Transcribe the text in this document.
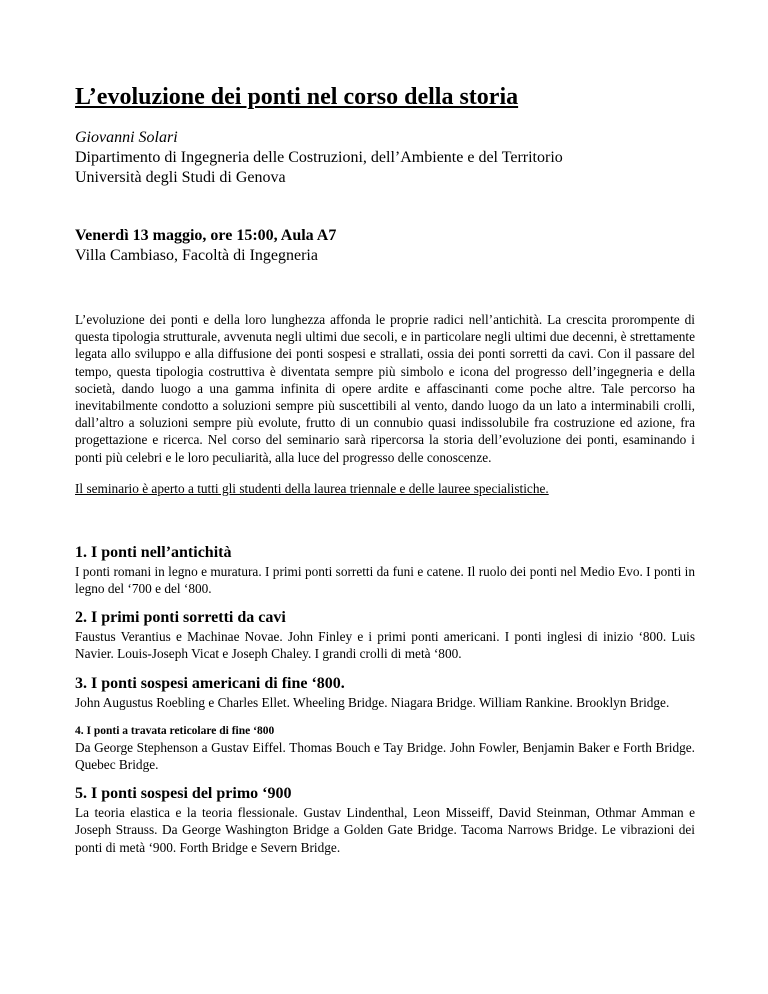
L’evoluzione dei ponti nel corso della storia
Giovanni Solari
Dipartimento di Ingegneria delle Costruzioni, dell’Ambiente e del Territorio
Università degli Studi di Genova
Venerdì 13 maggio, ore 15:00, Aula A7
Villa Cambiaso, Facoltà di Ingegneria

L’evoluzione dei ponti e della loro lunghezza affonda le proprie radici nell’antichità. La crescita prorompente di questa tipologia strutturale, avvenuta negli ultimi due secoli, e in particolare negli ultimi due decenni, è strettamente legata allo sviluppo e alla diffusione dei ponti sospesi e strallati, ossia dei ponti sorretti da cavi. Con il passare del tempo, questa tipologia costruttiva è diventata sempre più simbolo e icona del progresso dell’ingegneria e della società, dando luogo a una gamma infinita di opere ardite e affascinanti come poche altre. Tale percorso ha inevitabilmente condotto a soluzioni sempre più suscettibili al vento, dando luogo da un lato a interminabili crolli, dall’altro a soluzioni sempre più evolute, frutto di un connubio quasi indissolubile fra costruzione ed azione, fra progettazione e ricerca. Nel corso del seminario sarà ripercorsa la storia dell’evoluzione dei ponti, esaminando i ponti più celebri e le loro peculiarità, alla luce del progresso delle conoscenze.

Il seminario è aperto a tutti gli studenti della laurea triennale e delle lauree specialistiche.
1. I ponti nell’antichità

I ponti romani in legno e muratura. I primi ponti sorretti da funi e catene. Il ruolo dei ponti nel Medio Evo. I ponti in legno del ‘700 e del ‘800.

2. I primi ponti sorretti da cavi

Faustus Verantius e Machinae Novae. John Finley e i primi ponti americani. I ponti inglesi di inizio ‘800. Luis Navier. Louis-Joseph Vicat e Joseph Chaley. I grandi crolli di metà ‘800.

3. I ponti sospesi americani di fine ‘800.

John Augustus Roebling e Charles Ellet. Wheeling Bridge. Niagara Bridge. William Rankine. Brooklyn Bridge.

4. I ponti a travata reticolare di fine ‘800

Da George Stephenson a Gustav Eiffel. Thomas Bouch e Tay Bridge. John Fowler, Benjamin Baker e Forth Bridge. Quebec Bridge.

5. I ponti sospesi del primo ‘900

La teoria elastica e la teoria flessionale. Gustav Lindenthal, Leon Misseiff, David Steinman, Othmar Amman e Joseph Strauss. Da George Washington Bridge a Golden Gate Bridge. Tacoma Narrows Bridge. Le vibrazioni dei ponti di metà ‘900. Forth Bridge e Severn Bridge.
